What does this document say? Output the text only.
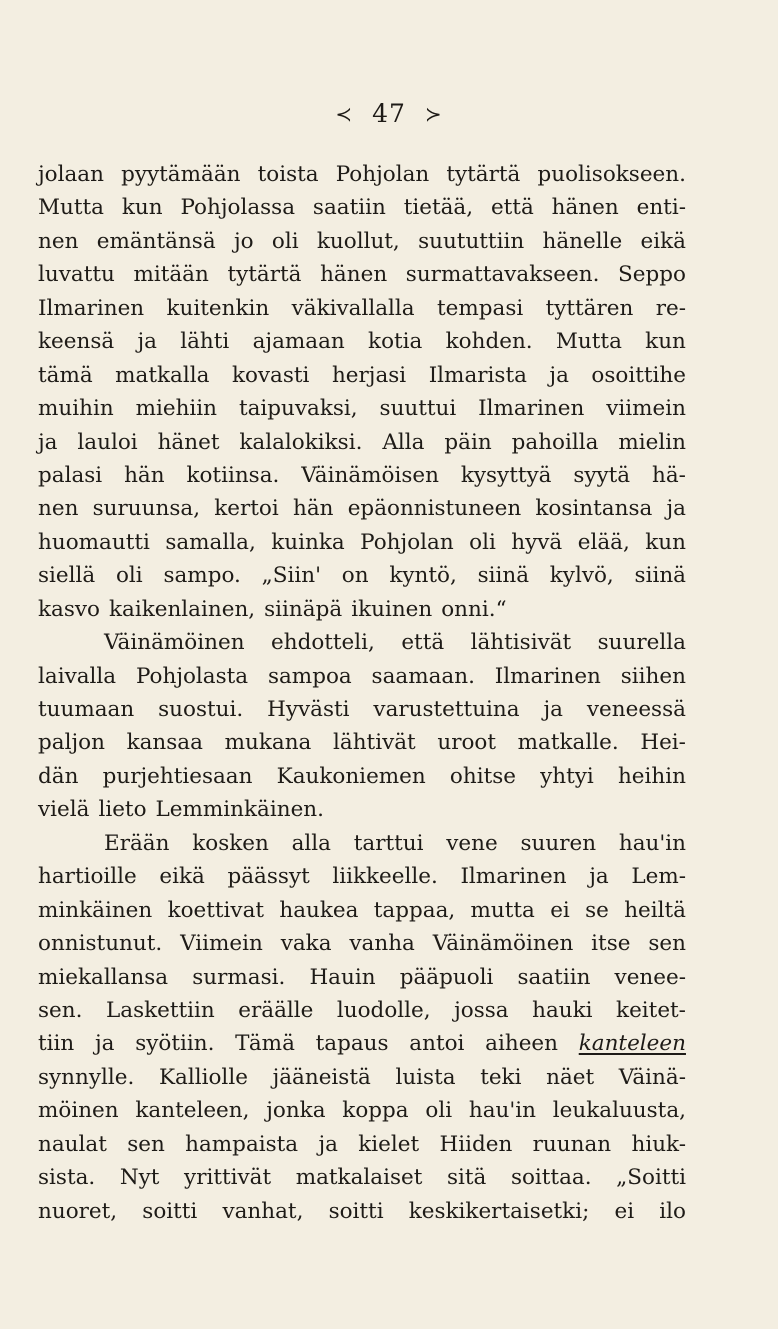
≺ 47 ≻
jolaan pyytämään toista Pohjolan tytärtä puolisokseen.
Mutta kun Pohjolassa saatiin tietää, että hänen enti-
nen emäntänsä jo oli kuollut, suututtiin hänelle eikä
luvattu mitään tytärtä hänen surmattavakseen. Seppo
Ilmarinen kuitenkin väkivallalla tempasi tyttären re-
keensä ja lähti ajamaan kotia kohden. Mutta kun
tämä matkalla kovasti herjasi Ilmarista ja osoittihe
muihin miehiin taipuvaksi, suuttui Ilmarinen viimein
ja lauloi hänet kalalokiksi. Alla päin pahoilla mielin
palasi hän kotiinsa. Väinämöisen kysyttyä syytä hä-
nen suruunsa, kertoi hän epäonnistuneen kosintansa ja
huomautti samalla, kuinka Pohjolan oli hyvä elää, kun
siellä oli sampo. „Siin' on kyntö, siinä kylvö, siinä
kasvo kaikenlainen, siinäpä ikuinen onni.“
Väinämöinen ehdotteli, että lähtisivät suurella
laivalla Pohjolasta sampoa saamaan. Ilmarinen siihen
tuumaan suostui. Hyvästi varustettuina ja veneessä
paljon kansaa mukana lähtivät uroot matkalle. Hei-
dän purjehtiesaan Kaukoniemen ohitse yhtyi heihin
vielä lieto Lemminkäinen.
Erään kosken alla tarttui vene suuren hau'in
hartioille eikä päässyt liikkeelle. Ilmarinen ja Lem-
minkäinen koettivat haukea tappaa, mutta ei se heiltä
onnistunut. Viimein vaka vanha Väinämöinen itse sen
miekallansa surmasi. Hauin pääpuoli saatiin venee-
sen. Laskettiin eräälle luodolle, jossa hauki keitet-
tiin ja syötiin. Tämä tapaus antoi aiheen kanteleen
synnylle. Kalliolle jääneistä luista teki näet Väinä-
möinen kanteleen, jonka koppa oli hau'in leukaluusta,
naulat sen hampaista ja kielet Hiiden ruunan hiuk-
sista. Nyt yrittivät matkalaiset sitä soittaa. „Soitti
nuoret, soitti vanhat, soitti keskikertaisetki; ei ilo
